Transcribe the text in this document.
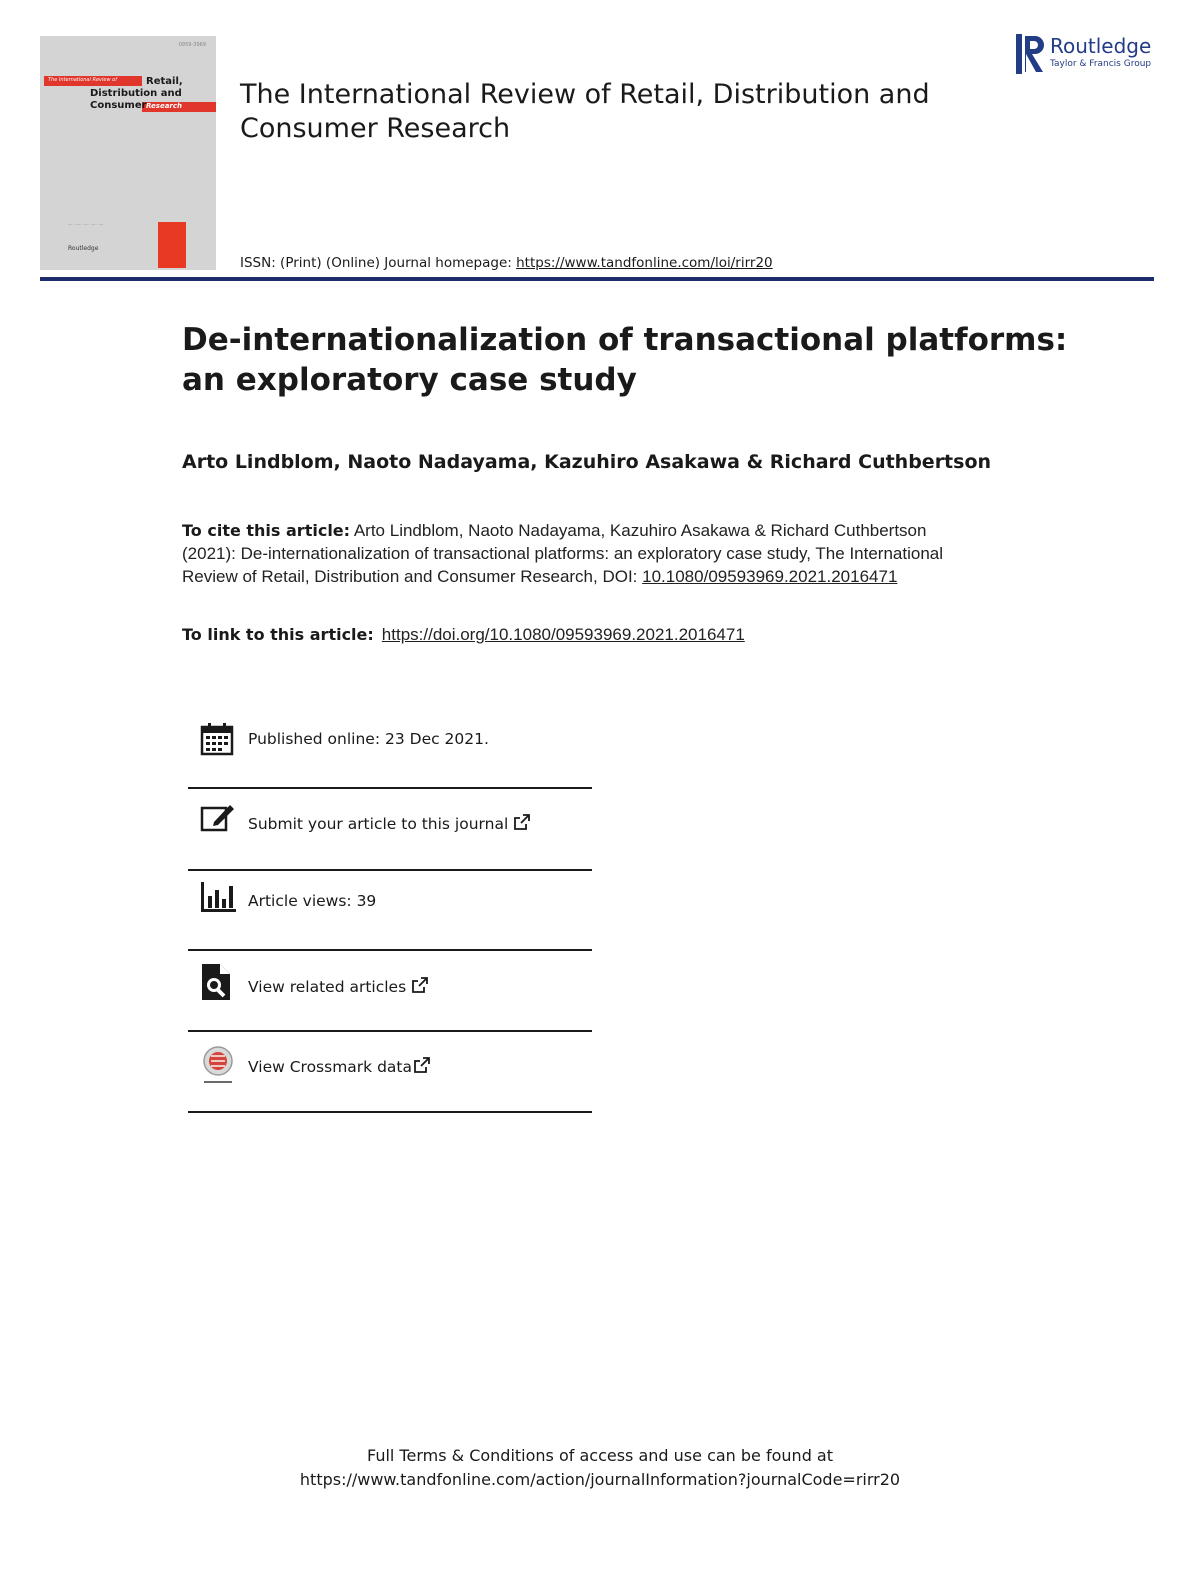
0959-3969
The International Review of	Retail,
Distribution and
Consumer Research
— · — · — · — · —
Routledge
The International Review of Retail, Distribution and Consumer Research
ISSN: (Print) (Online) Journal homepage: https://www.tandfonline.com/loi/rirr20
Routledge
Taylor & Francis Group
De-internationalization of transactional platforms: an exploratory case study
Arto Lindblom, Naoto Nadayama, Kazuhiro Asakawa & Richard Cuthbertson
To cite this article: Arto Lindblom, Naoto Nadayama, Kazuhiro Asakawa & Richard Cuthbertson (2021): De-internationalization of transactional platforms: an exploratory case study, The International Review of Retail, Distribution and Consumer Research, DOI: 10.1080/09593969.2021.2016471
To link to this article: https://doi.org/10.1080/09593969.2021.2016471
Published online: 23 Dec 2021.
Submit your article to this journal
Article views: 39
View related articles
View Crossmark data
Full Terms & Conditions of access and use can be found at
https://www.tandfonline.com/action/journalInformation?journalCode=rirr20
